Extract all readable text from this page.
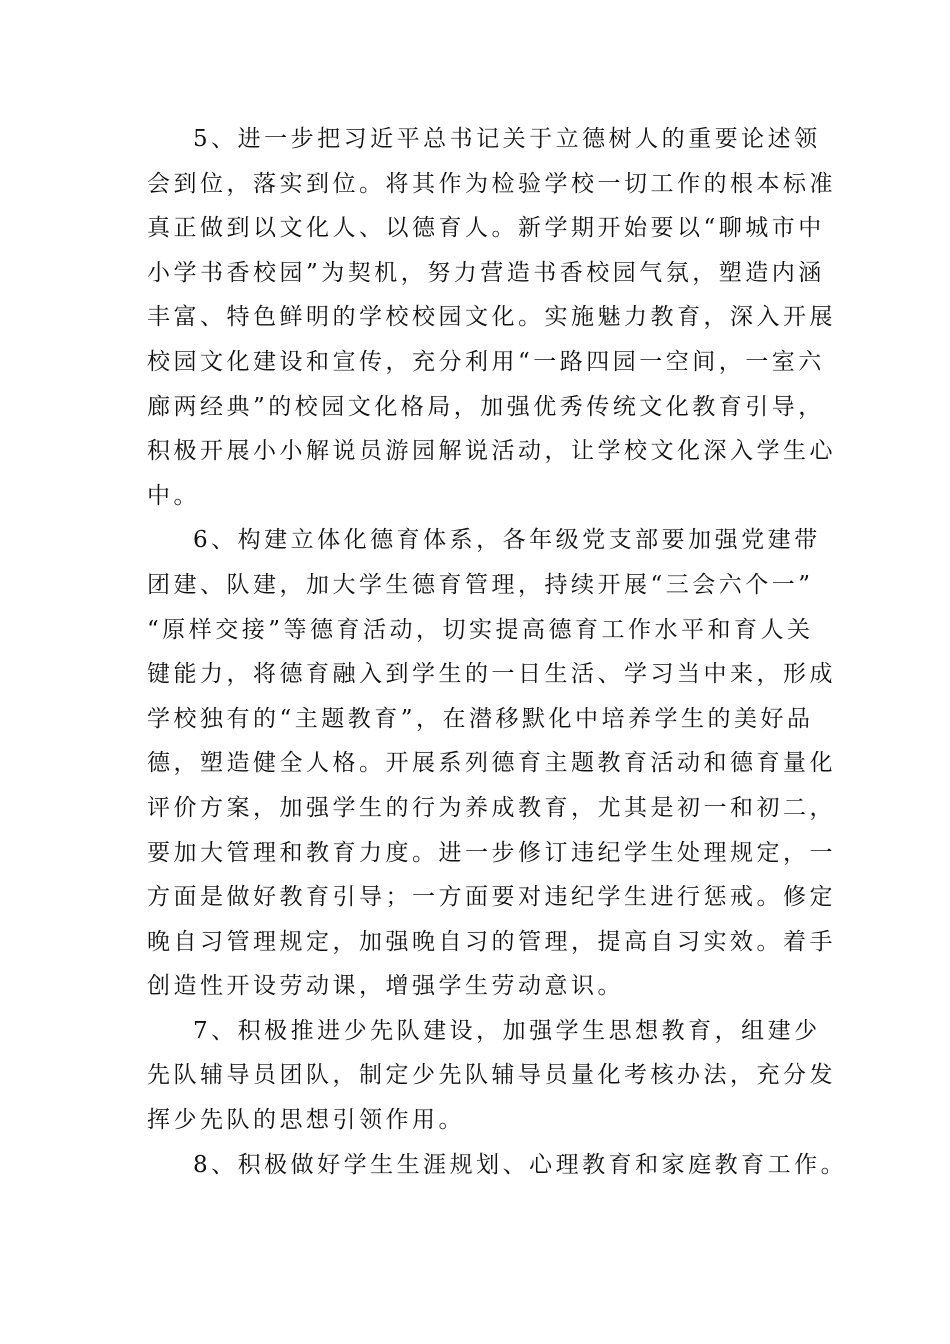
5、进一步把习近平总书记关于立德树人的重要论述领
会到位，落实到位。将其作为检验学校一切工作的根本标准
真正做到以文化人、以德育人。新学期开始要以“聊城市中
小学书香校园”为契机，努力营造书香校园气氛，塑造内涵
丰富、特色鲜明的学校校园文化。实施魅力教育，深入开展
校园文化建设和宣传，充分利用“一路四园一空间，一室六
廊两经典”的校园文化格局，加强优秀传统文化教育引导，
积极开展小小解说员游园解说活动，让学校文化深入学生心
中。

6、构建立体化德育体系，各年级党支部要加强党建带
团建、队建，加大学生德育管理，持续开展“三会六个一”
“原样交接”等德育活动，切实提高德育工作水平和育人关
键能力，将德育融入到学生的一日生活、学习当中来，形成
学校独有的“主题教育”，在潜移默化中培养学生的美好品
德，塑造健全人格。开展系列德育主题教育活动和德育量化
评价方案，加强学生的行为养成教育，尤其是初一和初二，
要加大管理和教育力度。进一步修订违纪学生处理规定，一
方面是做好教育引导；一方面要对违纪学生进行惩戒。修定
晚自习管理规定，加强晚自习的管理，提高自习实效。着手
创造性开设劳动课，增强学生劳动意识。

7、积极推进少先队建设，加强学生思想教育，组建少
先队辅导员团队，制定少先队辅导员量化考核办法，充分发
挥少先队的思想引领作用。

8、积极做好学生生涯规划、心理教育和家庭教育工作。
